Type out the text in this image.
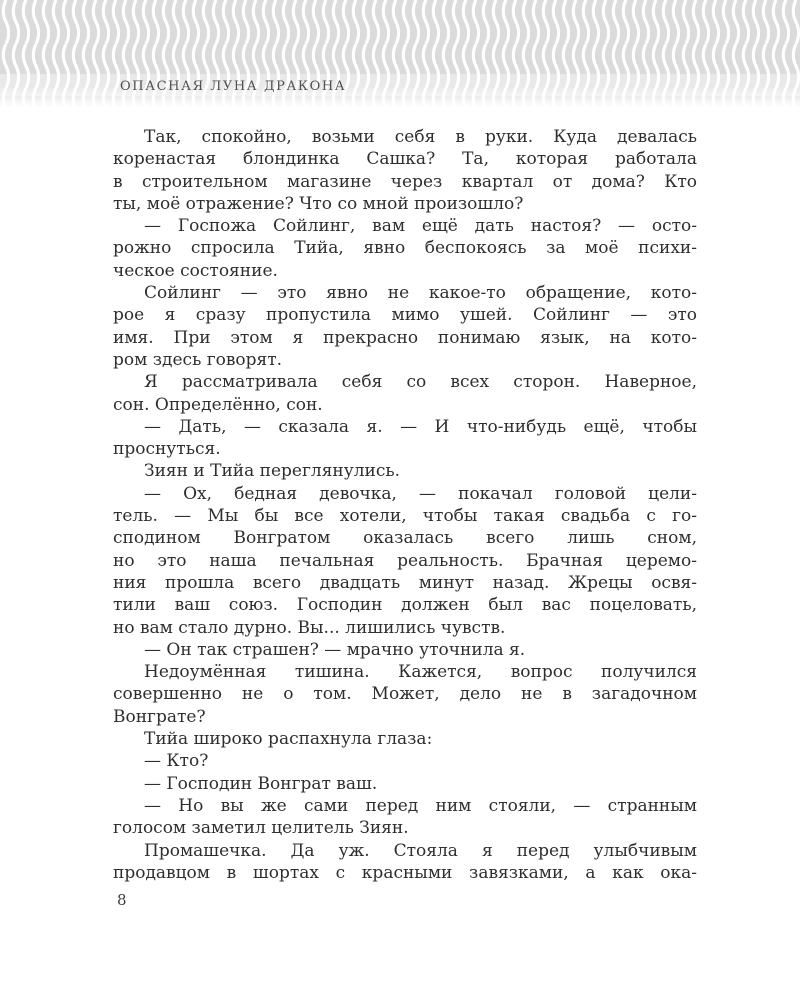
ОПАСНАЯ ЛУНА ДРАКОНА
Так, спокойно, возьми себя в руки. Куда девалась
коренастая блондинка Сашка? Та, которая работала
в строительном магазине через квартал от дома? Кто
ты, моё отражение? Что со мной произошло?
— Госпожа Сойлинг, вам ещё дать настоя? — осто-
рожно спросила Тийа, явно беспокоясь за моё психи-
ческое состояние.
Сойлинг — это явно не какое-то обращение, кото-
рое я сразу пропустила мимо ушей. Сойлинг — это
имя. При этом я прекрасно понимаю язык, на кото-
ром здесь говорят.
Я рассматривала себя со всех сторон. Наверное,
сон. Определённо, сон.
— Дать, — сказала я. — И что-нибудь ещё, чтобы
проснуться.
Зиян и Тийа переглянулись.
— Ох, бедная девочка, — покачал головой цели-
тель. — Мы бы все хотели, чтобы такая свадьба с го-
сподином Вонгратом оказалась всего лишь сном,
но это наша печальная реальность. Брачная церемо-
ния прошла всего двадцать минут назад. Жрецы освя-
тили ваш союз. Господин должен был вас поцеловать,
но вам стало дурно. Вы... лишились чувств.
— Он так страшен? — мрачно уточнила я.
Недоумённая тишина. Кажется, вопрос получился
совершенно не о том. Может, дело не в загадочном
Вонграте?
Тийа широко распахнула глаза:
— Кто?
— Господин Вонграт ваш.
— Но вы же сами перед ним стояли, — странным
голосом заметил целитель Зиян.
Промашечка. Да уж. Стояла я перед улыбчивым
продавцом в шортах с красными завязками, а как ока-
8
